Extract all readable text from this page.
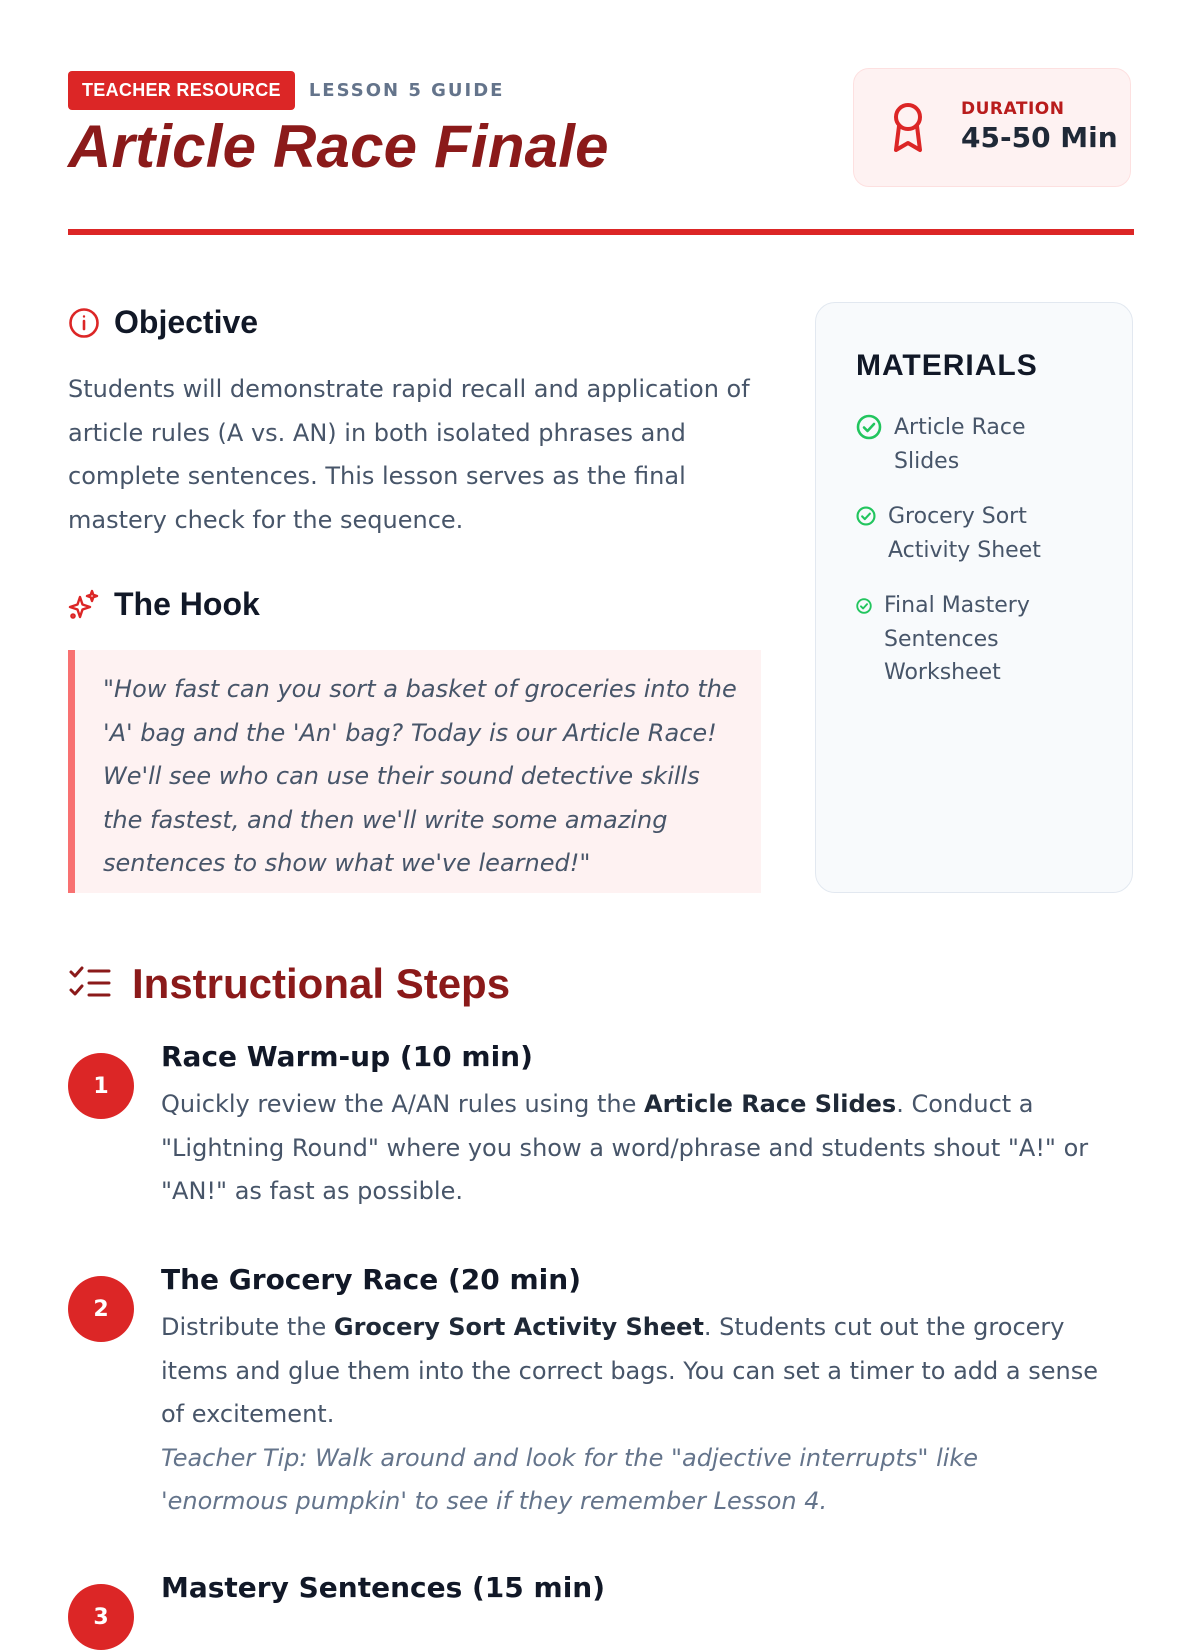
TEACHER RESOURCE	LESSON 5 GUIDE
Article Race Finale
DURATION
45-50 Min
Objective

Students will demonstrate rapid recall and application of article rules (A vs. AN) in both isolated phrases and complete sentences. This lesson serves as the final mastery check for the sequence.

The Hook

"How fast can you sort a basket of groceries into the 'A' bag and the 'An' bag? Today is our Article Race! We'll see who can use their sound detective skills the fastest, and then we'll write some amazing sentences to show what we've learned!"

MATERIALS
Article Race Slides
Grocery Sort Activity Sheet
Final Mastery Sentences Worksheet
Instructional Steps
1

Race Warm-up (10 min)

Quickly review the A/AN rules using the Article Race Slides. Conduct a "Lightning Round" where you show a word/phrase and students shout "A!" or "AN!" as fast as possible.

2

The Grocery Race (20 min)

Distribute the Grocery Sort Activity Sheet. Students cut out the grocery items and glue them into the correct bags. You can set a timer to add a sense of excitement.

Teacher Tip: Walk around and look for the "adjective interrupts" like 'enormous pumpkin' to see if they remember Lesson 4.

3

Mastery Sentences (15 min)
